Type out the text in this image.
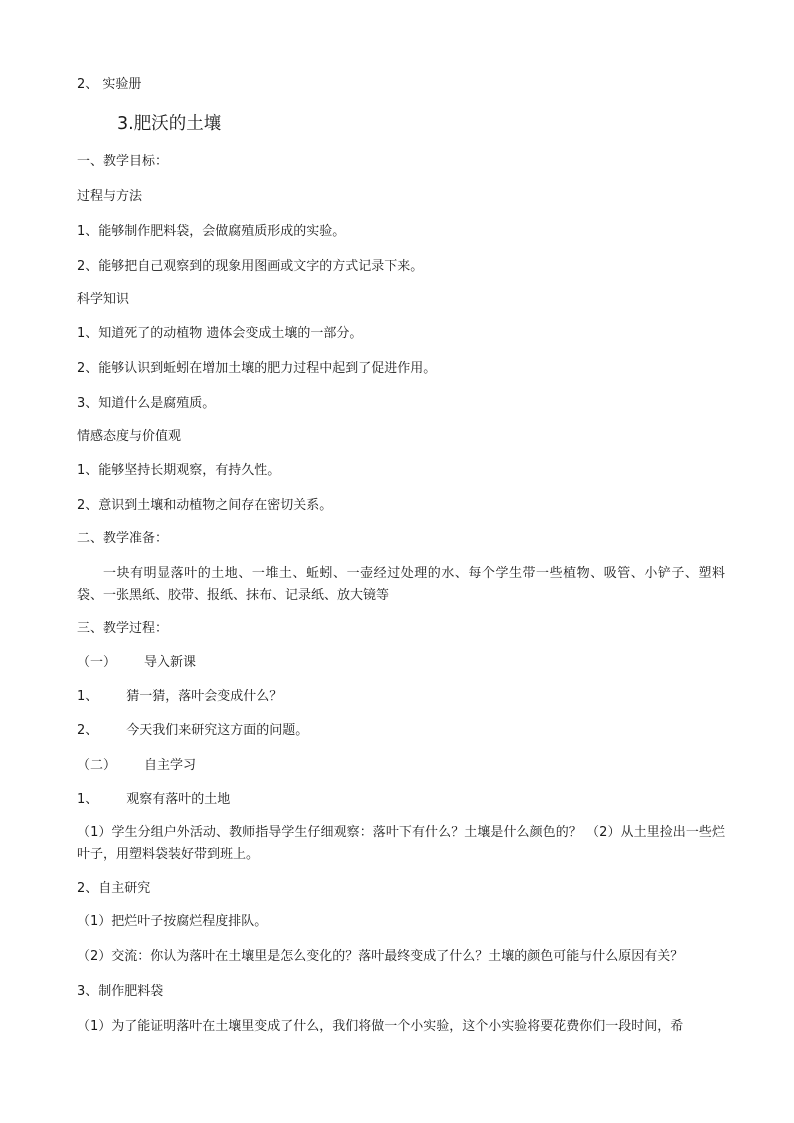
2、 实验册
3.肥沃的土壤
一、教学目标：
过程与方法
1、能够制作肥料袋，会做腐殖质形成的实验。
2、能够把自己观察到的现象用图画或文字的方式记录下来。
科学知识
1、知道死了的动植物 遗体会变成土壤的一部分。
2、能够认识到蚯蚓在增加土壤的肥力过程中起到了促进作用。
3、知道什么是腐殖质。
情感态度与价值观
1、能够坚持长期观察，有持久性。
2、意识到土壤和动植物之间存在密切关系。
二、教学准备：
一块有明显落叶的土地、一堆土、蚯蚓、一壶经过处理的水、每个学生带一些植物、吸管、小铲子、塑料袋、一张黑纸、胶带、报纸、抹布、记录纸、放大镜等
三、教学过程：
（一） 导入新课
1、 猜一猜，落叶会变成什么？
2、 今天我们来研究这方面的问题。
（二） 自主学习
1、 观察有落叶的土地
（1）学生分组户外活动、教师指导学生仔细观察：落叶下有什么？土壤是什么颜色的？ （2）从土里捡出一些烂叶子，用塑料袋装好带到班上。
2、自主研究
（1）把烂叶子按腐烂程度排队。
（2）交流：你认为落叶在土壤里是怎么变化的？落叶最终变成了什么？土壤的颜色可能与什么原因有关？
3、制作肥料袋
（1）为了能证明落叶在土壤里变成了什么，我们将做一个小实验，这个小实验将要花费你们一段时间，希
